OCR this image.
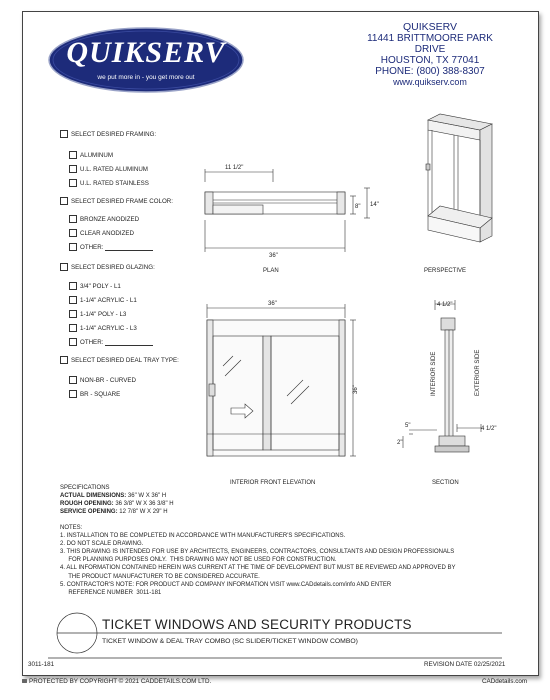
QUIKSERV
we put more in - you get more out
QUIKSERV
11441 BRITTMOORE PARK DRIVE
HOUSTON, TX 77041
PHONE: (800) 388-8307
www.quikserv.com
SELECT DESIRED FRAMING:
ALUMINUM
U.L. RATED ALUMINUM
U.L. RATED STAINLESS
SELECT DESIRED FRAME COLOR:
BRONZE ANODIZED
CLEAR ANODIZED
OTHER:
SELECT DESIRED GLAZING:
3/4" POLY - L1
1-1/4" ACRYLIC - L1
1-1/4" POLY - L3
1-1/4" ACRYLIC - L3
OTHER:
SELECT DESIRED DEAL TRAY TYPE:
NON-BR - CURVED
BR - SQUARE
11 1/2"
36"
8" 14"
PLAN	PERSPECTIVE
36"
36"
INTERIOR FRONT ELEVATION
4 1/2"
INTERIOR SIDE	EXTERIOR SIDE
5"	4 1/2"
2"
SECTION
SPECIFICATIONS
ACTUAL DIMENSIONS: 36" W X 36" H
ROUGH OPENING: 36 3/8" W X 36 3/8" H
SERVICE OPENING: 12 7/8" W X 29" H
NOTES:
1. INSTALLATION TO BE COMPLETED IN ACCORDANCE WITH MANUFACTURER'S SPECIFICATIONS.
2. DO NOT SCALE DRAWING.
3. THIS DRAWING IS INTENDED FOR USE BY ARCHITECTS, ENGINEERS, CONTRACTORS, CONSULTANTS AND DESIGN PROFESSIONALS
FOR PLANNING PURPOSES ONLY.  THIS DRAWING MAY NOT BE USED FOR CONSTRUCTION.
4. ALL INFORMATION CONTAINED HEREIN WAS CURRENT AT THE TIME OF DEVELOPMENT BUT MUST BE REVIEWED AND APPROVED BY
THE PRODUCT MANUFACTURER TO BE CONSIDERED ACCURATE.
5. CONTRACTOR'S NOTE: FOR PRODUCT AND COMPANY INFORMATION VISIT www.CADdetails.com/info AND ENTER
REFERENCE NUMBER  3011-181
TICKET WINDOWS AND SECURITY PRODUCTS
TICKET WINDOW & DEAL TRAY COMBO (SC SLIDER/TICKET WINDOW COMBO)
3011-181	REVISION DATE 02/25/2021
PROTECTED BY COPYRIGHT © 2021 CADDETAILS.COM LTD.	CADdetails.com
